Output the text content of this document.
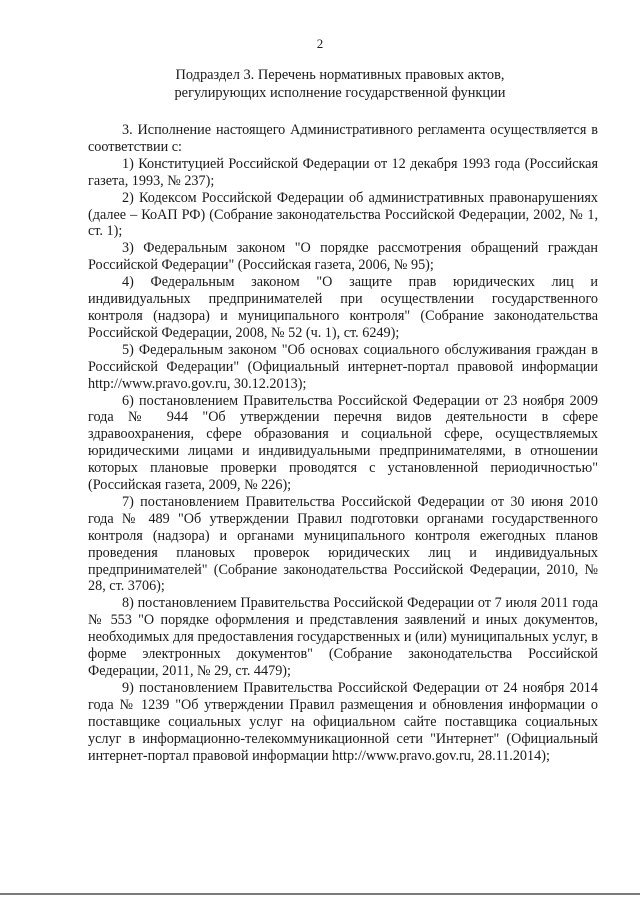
2
Подраздел 3. Перечень нормативных правовых актов,
регулирующих исполнение государственной функции

3. Исполнение настоящего Административного регламента осуществляется в соответствии с:

1) Конституцией Российской Федерации от 12 декабря 1993 года (Российская газета, 1993, № 237);

2) Кодексом Российской Федерации об административных правонарушениях (далее – КоАП РФ) (Собрание законодательства Российской Федерации, 2002, № 1, ст. 1);

3) Федеральным законом "О порядке рассмотрения обращений граждан Российской Федерации" (Российская газета, 2006, № 95);

4) Федеральным законом "О защите прав юридических лиц и индивидуальных предпринимателей при осуществлении государственного контроля (надзора) и муниципального контроля" (Собрание законодательства Российской Федерации, 2008, № 52 (ч. 1), ст. 6249);

5) Федеральным законом "Об основах социального обслуживания граждан в Российской Федерации" (Официальный интернет-портал правовой информации http://www.pravo.gov.ru, 30.12.2013);

6) постановлением Правительства Российской Федерации от 23 ноября 2009 года № 944 "Об утверждении перечня видов деятельности в сфере здравоохранения, сфере образования и социальной сфере, осуществляемых юридическими лицами и индивидуальными предпринимателями, в отношении которых плановые проверки проводятся с установленной периодичностью" (Российская газета, 2009, № 226);

7) постановлением Правительства Российской Федерации от 30 июня 2010 года № 489 "Об утверждении Правил подготовки органами государственного контроля (надзора) и органами муниципального контроля ежегодных планов проведения плановых проверок юридических лиц и индивидуальных предпринимателей" (Собрание законодательства Российской Федерации, 2010, № 28, ст. 3706);

8) постановлением Правительства Российской Федерации от 7 июля 2011 года № 553 "О порядке оформления и представления заявлений и иных документов, необходимых для предоставления государственных и (или) муниципальных услуг, в форме электронных документов" (Собрание законодательства Российской Федерации, 2011, № 29, ст. 4479);

9) постановлением Правительства Российской Федерации от 24 ноября 2014 года № 1239 "Об утверждении Правил размещения и обновления информации о поставщике социальных услуг на официальном сайте поставщика социальных услуг в информационно-телекоммуникационной сети "Интернет" (Официальный интернет-портал правовой информации http://www.pravo.gov.ru, 28.11.2014);
